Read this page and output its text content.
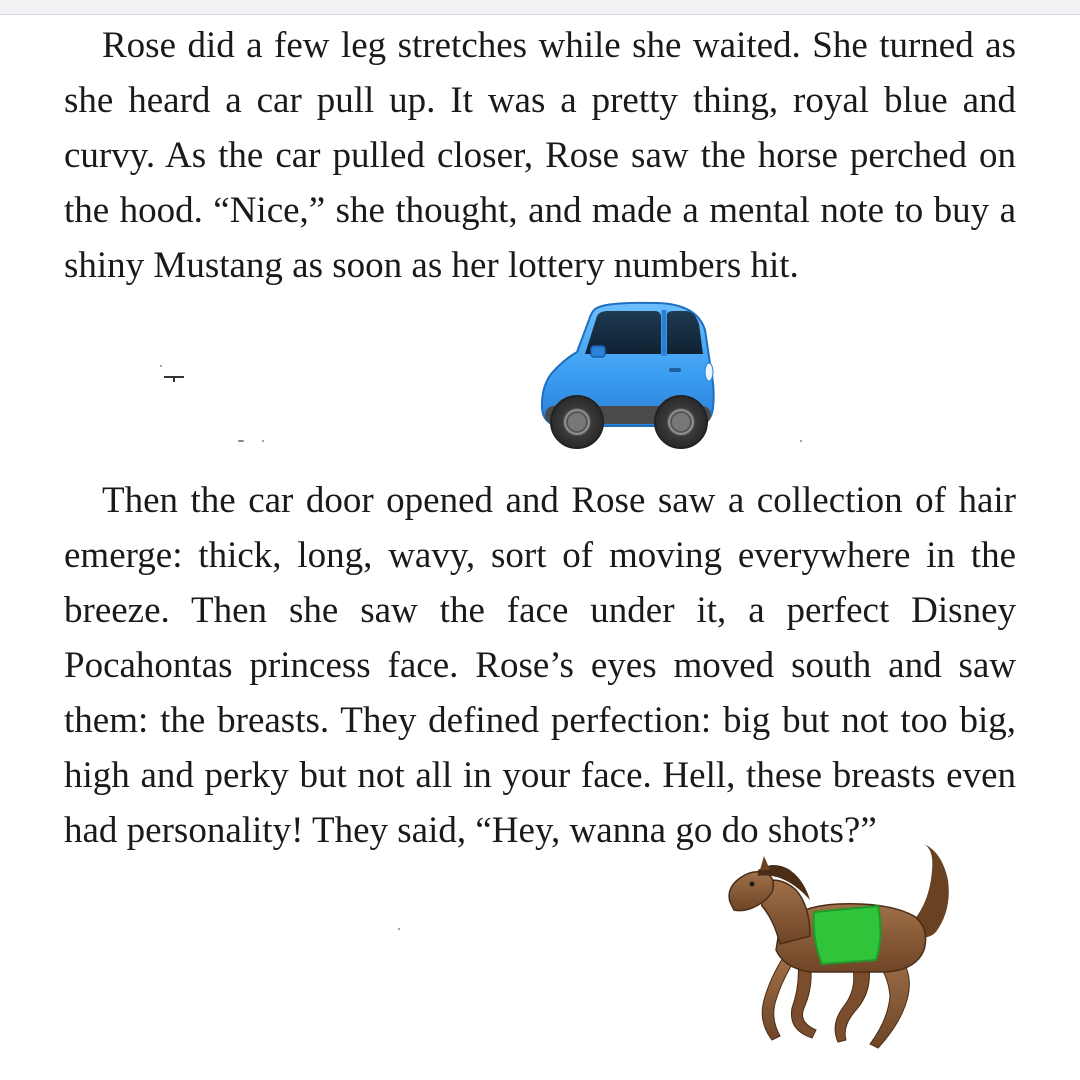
Rose did a few leg stretches while she waited. She turned as she heard a car pull up. It was a pretty thing, royal blue and curvy. As the car pulled closer, Rose saw the horse perched on the hood. “Nice,” she thought, and made a mental note to buy a shiny Mustang as soon as her lottery numbers hit.

Then the car door opened and Rose saw a collection of hair emerge: thick, long, wavy, sort of moving everywhere in the breeze. Then she saw the face under it, a perfect Disney Pocahontas princess face. Rose’s eyes moved south and saw them: the breasts. They defined perfection: big but not too big, high and perky but not all in your face. Hell, these breasts even had personality! They said, “Hey, wanna go do shots?”
